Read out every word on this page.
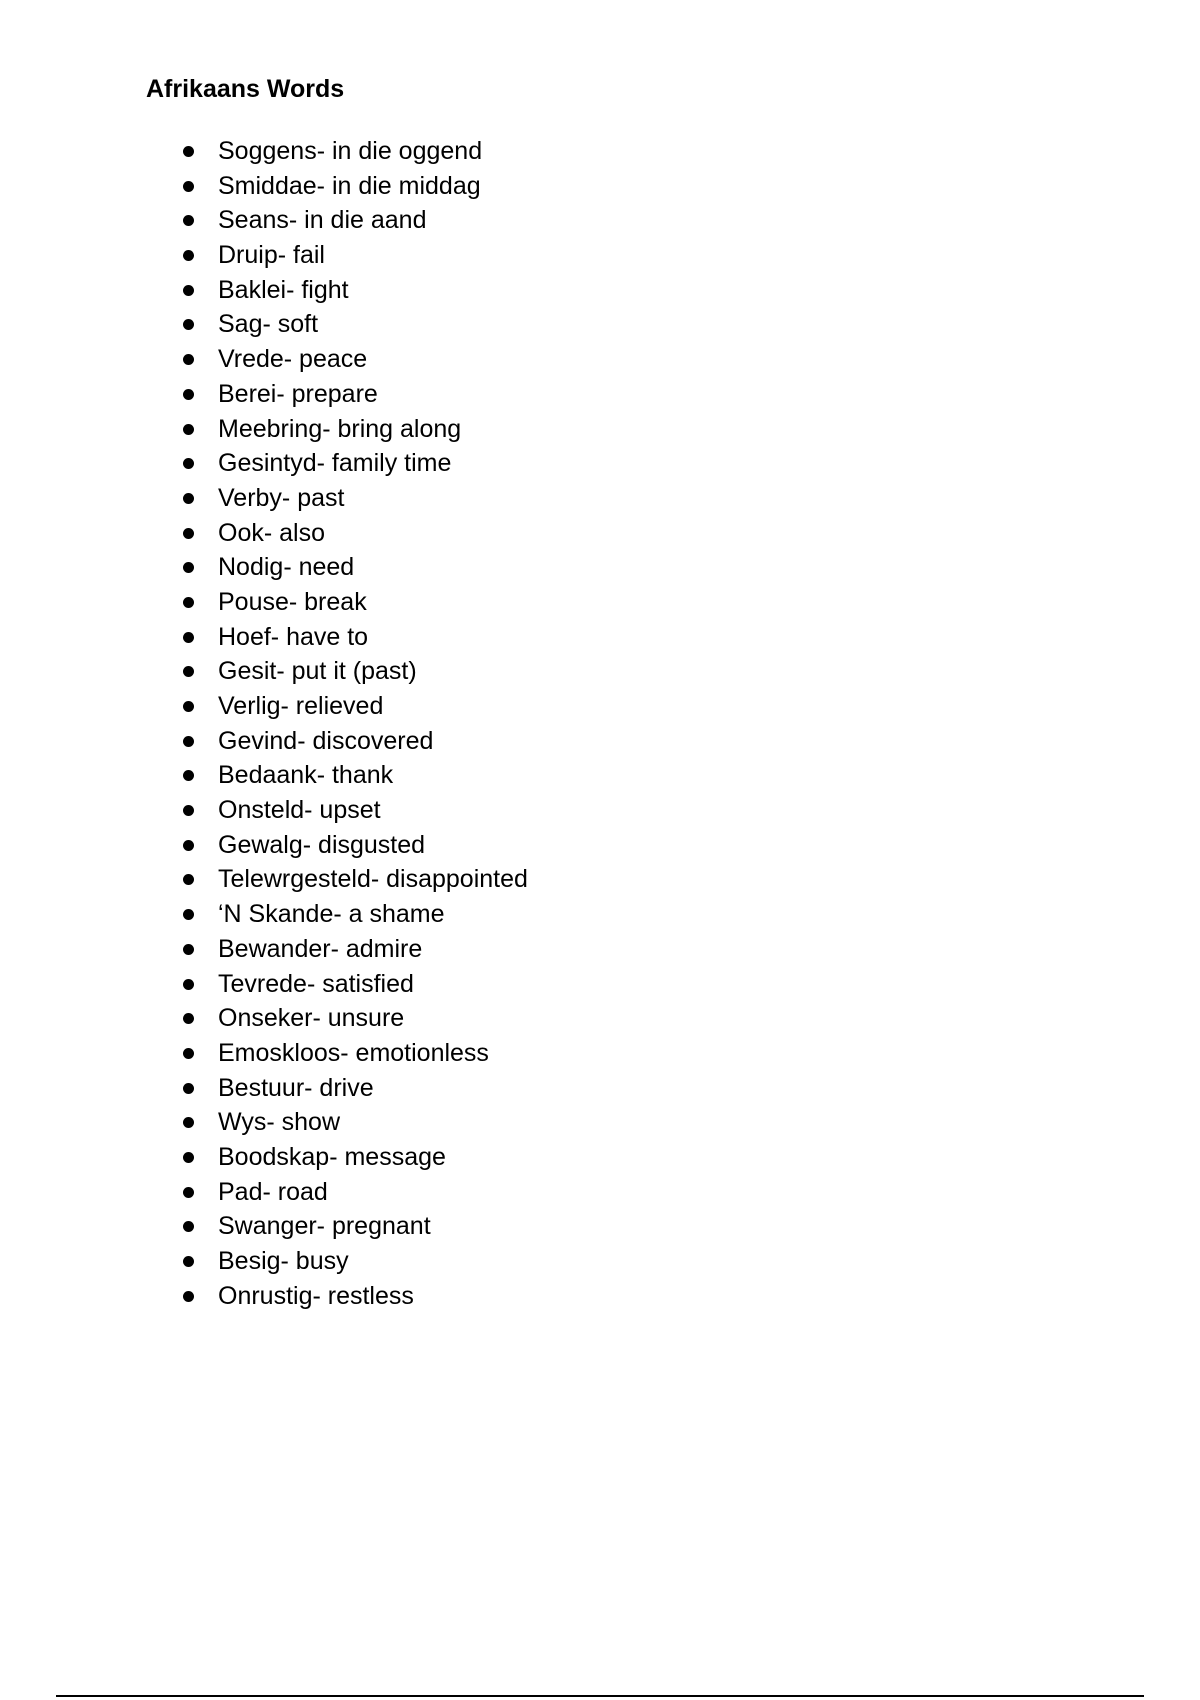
Afrikaans Words
Soggens- in die oggend
Smiddae- in die middag
Seans- in die aand
Druip- fail
Baklei- fight
Sag- soft
Vrede- peace
Berei- prepare
Meebring- bring along
Gesintyd- family time
Verby- past
Ook- also
Nodig- need
Pouse- break
Hoef- have to
Gesit- put it (past)
Verlig- relieved
Gevind- discovered
Bedaank- thank
Onsteld- upset
Gewalg- disgusted
Telewrgesteld- disappointed
‘N Skande- a shame
Bewander- admire
Tevrede- satisfied
Onseker- unsure
Emoskloos- emotionless
Bestuur- drive
Wys- show
Boodskap- message
Pad- road
Swanger- pregnant
Besig- busy
Onrustig- restless
